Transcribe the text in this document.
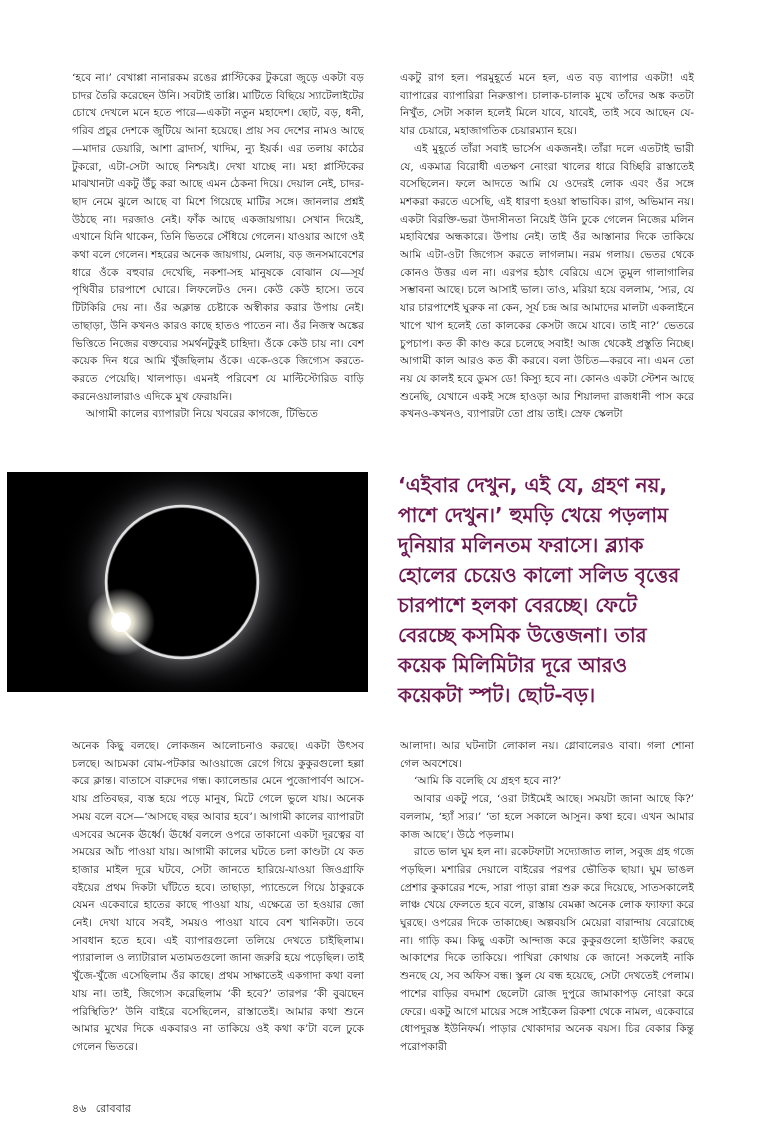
‘হবে না।’ বেখাপ্পা নানারকম রঙের প্লাস্টিকের টুকরো জুড়ে একটা বড় চাদর তৈরি করেছেন উনি। সবটাই তাপ্পি। মাটিতে বিছিয়ে স্যাটেলাইটের চোখে দেখলে মনে হতে পারে—একটা নতুন মহাদেশ। ছোট, বড়, ধনী, গরিব প্রচুর দেশকে জুটিয়ে আনা হয়েছে। প্রায় সব দেশের নামও আছে—মাদার ডেয়ারি, আশা ব্রাদার্স, খাদিম, ন্যু ইয়র্ক। এর তলায় কাঠের টুকরো, এটা-সেটা আছে নিশ্চয়ই। দেখা যাচ্ছে না। মহা প্লাস্টিকের মাঝখানটা একটু উঁচু করা আছে এমন ঠেকনা দিয়ে। দেয়াল নেই, চাদর-ছাদ নেমে ঝুলে আছে বা মিশে গিয়েছে মাটির সঙ্গে। জানলার প্রশ্নই উঠছে না। দরজাও নেই। ফাঁক আছে একজায়গায়। সেখান দিয়েই, এখানে যিনি থাকেন, তিনি ভিতরে সেঁধিয়ে গেলেন। যাওয়ার আগে ওই কথা বলে গেলেন। শহরের অনেক জায়গায়, মেলায়, বড় জনসমাবেশের ধারে ওঁকে বহুবার দেখেছি, নকশা-সহ মানুষকে বোঝান যে—সূর্য পৃথিবীর চারপাশে ঘোরে। লিফলেটও দেন। কেউ কেউ হাসে। তবে টিটকিরি দেয় না। ওঁর অক্লান্ত চেষ্টাকে অস্বীকার করার উপায় নেই। তাছাড়া, উনি কখনও কারও কাছে হাতও পাতেন না। ওঁর নিজস্ব অঙ্কের ভিত্তিতে নিজের বক্তব্যের সমর্থনটুকুই চাহিদা। ওঁকে কেউ চায় না। বেশ কয়েক দিন ধরে আমি খুঁজছিলাম ওঁকে। একে-ওকে জিগ্যেস করতে-করতে পেয়েছি। খালপাড়। এমনই পরিবেশ যে মাল্টিস্টোরিড বাড়ি করনেওয়ালারাও এদিকে মুখ ফেরায়নি।

আগামী কালের ব্যাপারটা নিয়ে খবরের কাগজে, টিভিতে

একটু রাগ হল। পরমুহূর্তে মনে হল, এত বড় ব্যাপার একটা! এই ব্যাপারের ব্যাপারিরা নিরুত্তাপ। চালাক-চালাক মুখে তাঁদের অঙ্ক কতটা নিখুঁত, সেটা সকাল হলেই মিলে যাবে, যাবেই, তাই সবে আছেন যে-যার চেয়ারে, মহাজাগতিক চেয়ারম্যান হয়ে।

এই মুহূর্তে তাঁরা সবাই ভার্সেস একজনই। তাঁরা দলে এতটাই ভারী যে, একমাত্র বিরোধী এতক্ষণ নোংরা খালের ধারে বিচ্ছিরি রাস্তাতেই বসেছিলেন। ফলে আদতে আমি যে ওদেরই লোক এবং ওঁর সঙ্গে মশকরা করতে এসেছি, এই ধারণা হওয়া স্বাভাবিক। রাগ, অভিমান নয়। একটা বিরক্তি-ভরা উদাসীনতা নিয়েই উনি ঢুকে গেলেন নিজের মলিন মহাবিশ্বের অন্ধকারে। উপায় নেই। তাই ওঁর আস্তানার দিকে তাকিয়ে আমি এটা-ওটা জিগ্যেস করতে লাগলাম। নরম গলায়। ভেতর থেকে কোনও উত্তর এল না। এরপর হঠাৎ বেরিয়ে এসে তুমুল গালাগালির সম্ভাবনা আছে। চলে আসাই ভাল। তাও, মরিয়া হয়ে বললাম, ‘স্যর, যে যার চারপাশেই ঘুরুক না কেন, সূর্য চন্দ্র আর আমাদের মালটা একলাইনে খাপে খাপ হলেই তো কালকের কেসটা জমে যাবে। তাই না?’ ভেতরে চুপচাপ। কত কী কাণ্ড করে চলেছে সবাই! আজ থেকেই প্রস্তুতি নিচ্ছে। আগামী কাল আরও কত কী করবে। বলা উচিত—করবে না। এমন তো নয় যে কালই হবে ডুমস ডে! কিস্যু হবে না। কোনও একটা স্টেশন আছে শুনেছি, যেখানে একই সঙ্গে হাওড়া আর শিয়ালদা রাজধানী পাস করে কখনও-কখনও, ব্যাপারটা তো প্রায় তাই। স্রেফ স্কেলটা

‘এইবার দেখুন, এই যে, গ্রহণ নয়, পাশে দেখুন।’ হুমড়ি খেয়ে পড়লাম দুনিয়ার মলিনতম ফরাসে। ব্ল্যাক হোলের চেয়েও কালো সলিড বৃত্তের চারপাশে হলকা বেরচ্ছে। ফেটে বেরচ্ছে কসমিক উত্তেজনা। তার কয়েক মিলিমিটার দূরে আরও কয়েকটা স্পট। ছোট-বড়।

অনেক কিছু বলছে। লোকজন আলোচনাও করছে। একটা উৎসব চলছে। আচমকা বোম-পটকার আওয়াজে রেগে গিয়ে কুকুরগুলো হল্লা করে ক্লান্ত। বাতাসে বারুদের গন্ধ। ক্যালেন্ডার মেনে পুজোপার্বণ আসে-যায় প্রতিবছর, ব্যস্ত হয়ে পড়ে মানুষ, মিটে গেলে ভুলে যায়। অনেক সময় বলে বসে—‘আসছে বছর আবার হবে’। আগামী কালের ব্যাপারটা এসবের অনেক ঊর্ধ্বে। ঊর্ধ্বে বললে ওপরে তাকানো একটা দূরত্বের বা সময়ের আঁচ পাওয়া যায়। আগামী কালের ঘটতে চলা কাণ্ডটা যে কত হাজার মাইল দূরে ঘটবে, সেটা জানতে হারিয়ে-যাওয়া জিওগ্রাফি বইয়ের প্রথম দিকটা ঘাঁটতে হবে। তাছাড়া, প্যান্ডেলে গিয়ে ঠাকুরকে যেমন একেবারে হাতের কাছে পাওয়া যায়, এক্ষেত্রে তা হওয়ার জো নেই। দেখা যাবে সবই, সময়ও পাওয়া যাবে বেশ খানিকটা। তবে সাবধান হতে হবে। এই ব্যাপারগুলো তলিয়ে দেখতে চাইছিলাম। প্যারালাল ও ল্যাটারাল মতামতগুলো জানা জরুরি হয়ে পড়েছিল। তাই খুঁজে-খুঁজে এসেছিলাম ওঁর কাছে। প্রথম সাক্ষাতেই একগাদা কথা বলা যায় না। তাই, জিগ্যেস করেছিলাম ‘কী হবে?’ তারপর ‘কী বুঝছেন পরিস্থিতি?’ উনি বাইরে বসেছিলেন, রাস্তাতেই। আমার কথা শুনে আমার মুখের দিকে একবারও না তাকিয়ে ওই কথা ক’টা বলে ঢুকে গেলেন ভিতরে।

আলাদা। আর ঘটনাটা লোকাল নয়। গ্লোবালেরও বাবা। গলা শোনা গেল অবশেষে।

‘আমি কি বলেছি যে গ্রহণ হবে না?’

আবার একটু পরে, ‘ওরা টাইমেই আছে। সময়টা জানা আছে কি?’ বললাম, ‘হ্যাঁ স্যর।’ ‘তা হলে সকালে আসুন। কথা হবে। এখন আমার কাজ আছে’। উঠে পড়লাম।

রাতে ভাল ঘুম হল না। রকেটফাটা সদ্যোজাত লাল, সবুজ গ্রহ গজে পড়ছিল। মশারির দেয়ালে বাইরের পরপর ভৌতিক ছায়া। ঘুম ভাঙল প্রেশার কুকারের শব্দে, সারা পাড়া রান্না শুরু করে দিয়েছে, সাতসকালেই লাঞ্চ খেয়ে ফেলতে হবে বলে, রাস্তায় বেমক্কা অনেক লোক ফ্যাফ্যা করে ঘুরছে। ওপরের দিকে তাকাচ্ছে। অল্পবয়সি মেয়েরা বারান্দায় বেরোচ্ছে না। গাড়ি কম। কিছু একটা আন্দাজ করে কুকুরগুলো হাউলিং করছে আকাশের দিকে তাকিয়ে। পাখিরা কোথায় কে জানে! সকলেই নাকি শুনছে যে, সব অফিস বন্ধ। স্কুল যে বন্ধ হয়েছে, সেটা দেখতেই পেলাম। পাশের বাড়ির বদমাশ ছেলেটা রোজ দুপুরে জামাকাপড় নোংরা করে ফেরে। একটু আগে মায়ের সঙ্গে সাইকেল রিকশা থেকে নামল, একেবারে ধোপদুরস্ত ইউনিফর্ম। পাড়ার খোকাদার অনেক বয়স। চির বেকার কিন্তু পরোপকারী

৪৬ রোববার
